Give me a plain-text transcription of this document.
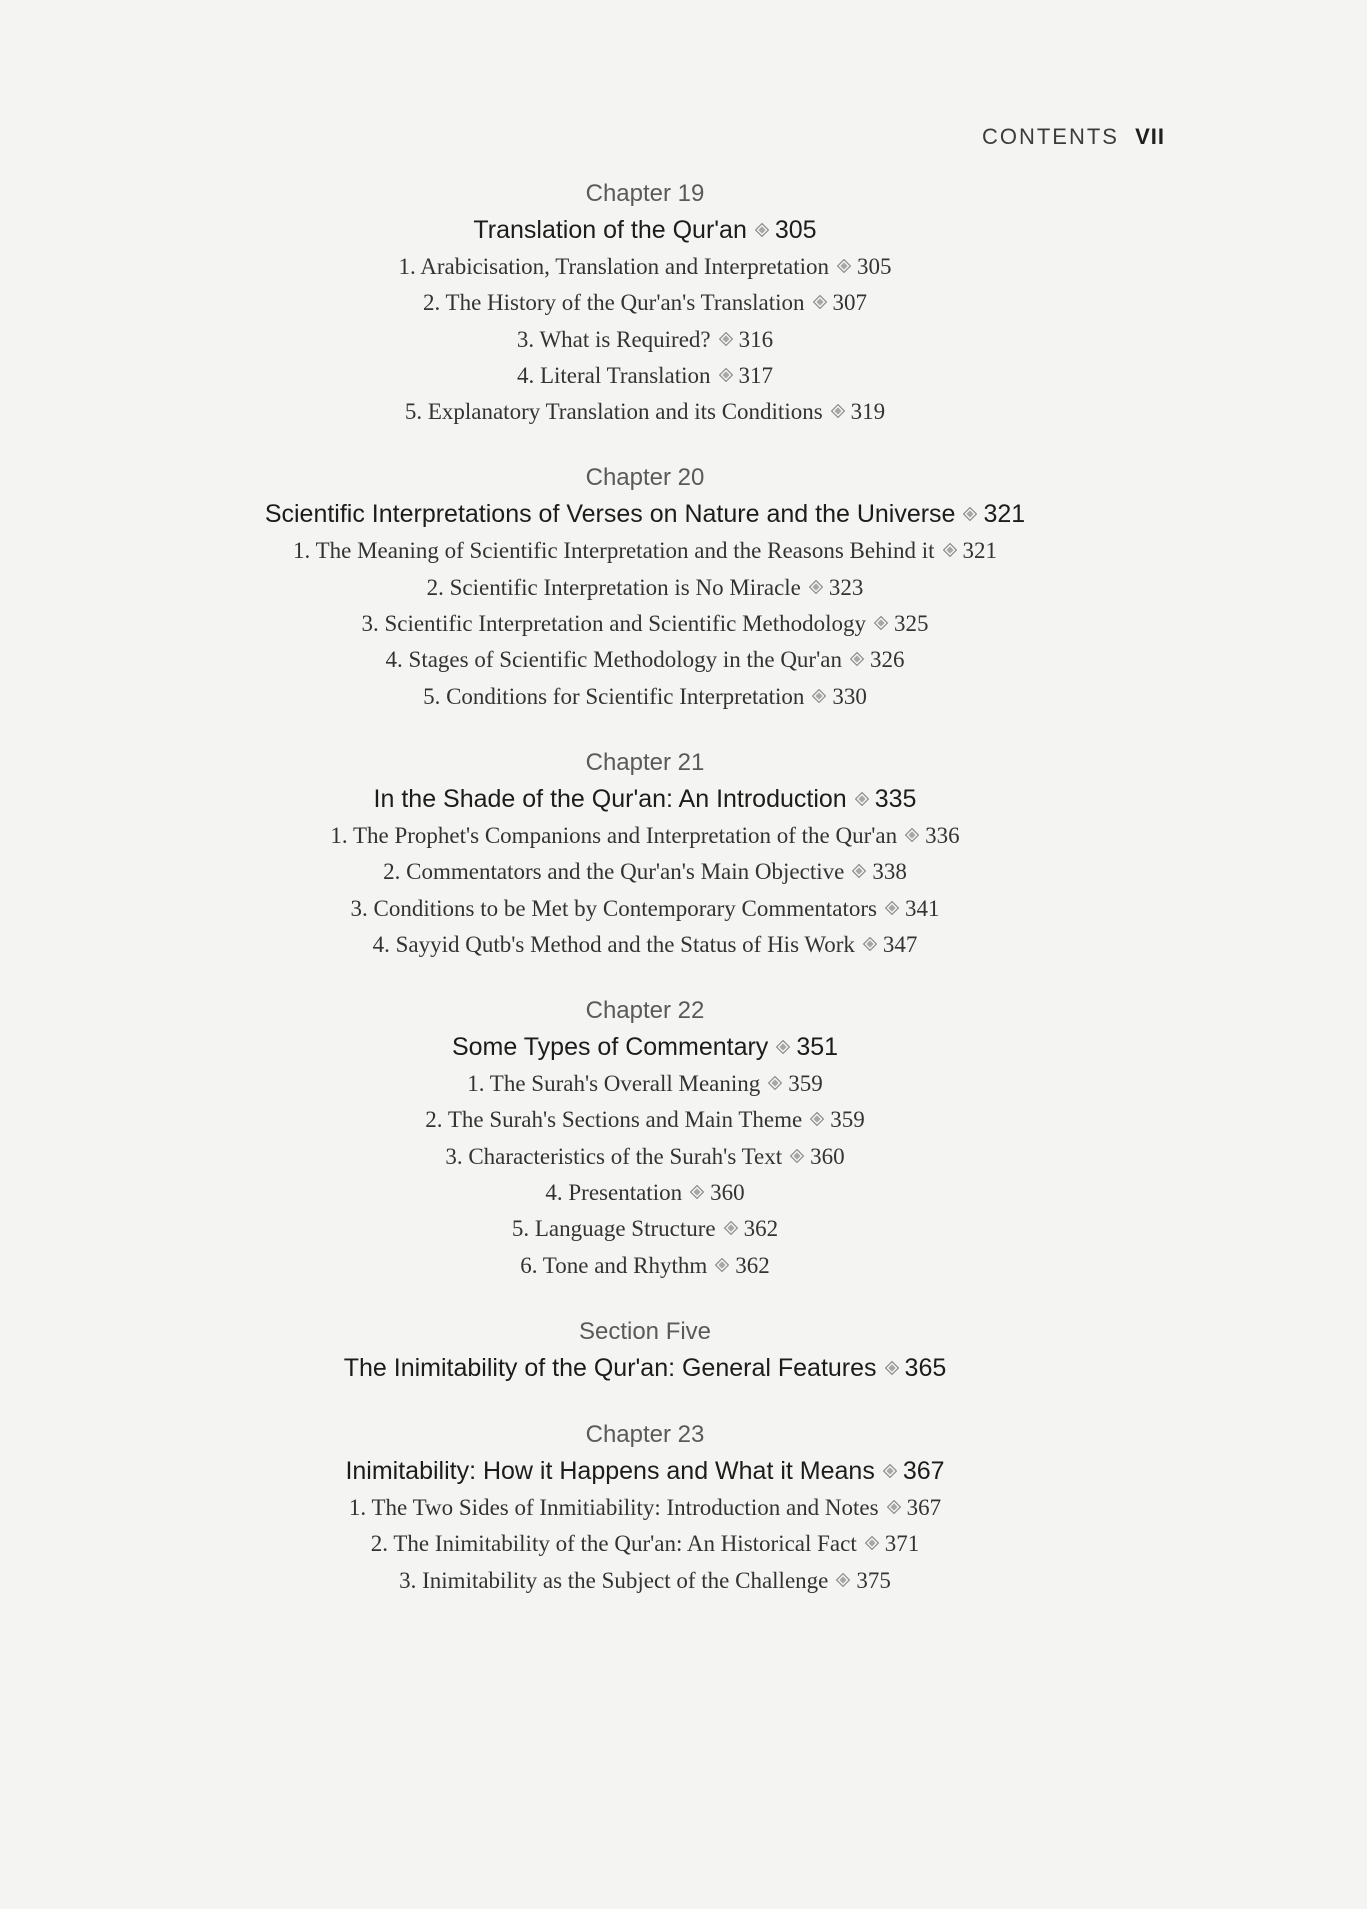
CONTENTS VII
Chapter 19
Translation of the Qur'an 305
1. Arabicisation, Translation and Interpretation 305
2. The History of the Qur'an's Translation 307
3. What is Required? 316
4. Literal Translation 317
5. Explanatory Translation and its Conditions 319
Chapter 20
Scientific Interpretations of Verses on Nature and the Universe 321
1. The Meaning of Scientific Interpretation and the Reasons Behind it 321
2. Scientific Interpretation is No Miracle 323
3. Scientific Interpretation and Scientific Methodology 325
4. Stages of Scientific Methodology in the Qur'an 326
5. Conditions for Scientific Interpretation 330
Chapter 21
In the Shade of the Qur'an: An Introduction 335
1. The Prophet's Companions and Interpretation of the Qur'an 336
2. Commentators and the Qur'an's Main Objective 338
3. Conditions to be Met by Contemporary Commentators 341
4. Sayyid Qutb's Method and the Status of His Work 347
Chapter 22
Some Types of Commentary 351
1. The Surah's Overall Meaning 359
2. The Surah's Sections and Main Theme 359
3. Characteristics of the Surah's Text 360
4. Presentation 360
5. Language Structure 362
6. Tone and Rhythm 362
Section Five
The Inimitability of the Qur'an: General Features 365
Chapter 23
Inimitability: How it Happens and What it Means 367
1. The Two Sides of Inmitiability: Introduction and Notes 367
2. The Inimitability of the Qur'an: An Historical Fact 371
3. Inimitability as the Subject of the Challenge 375
